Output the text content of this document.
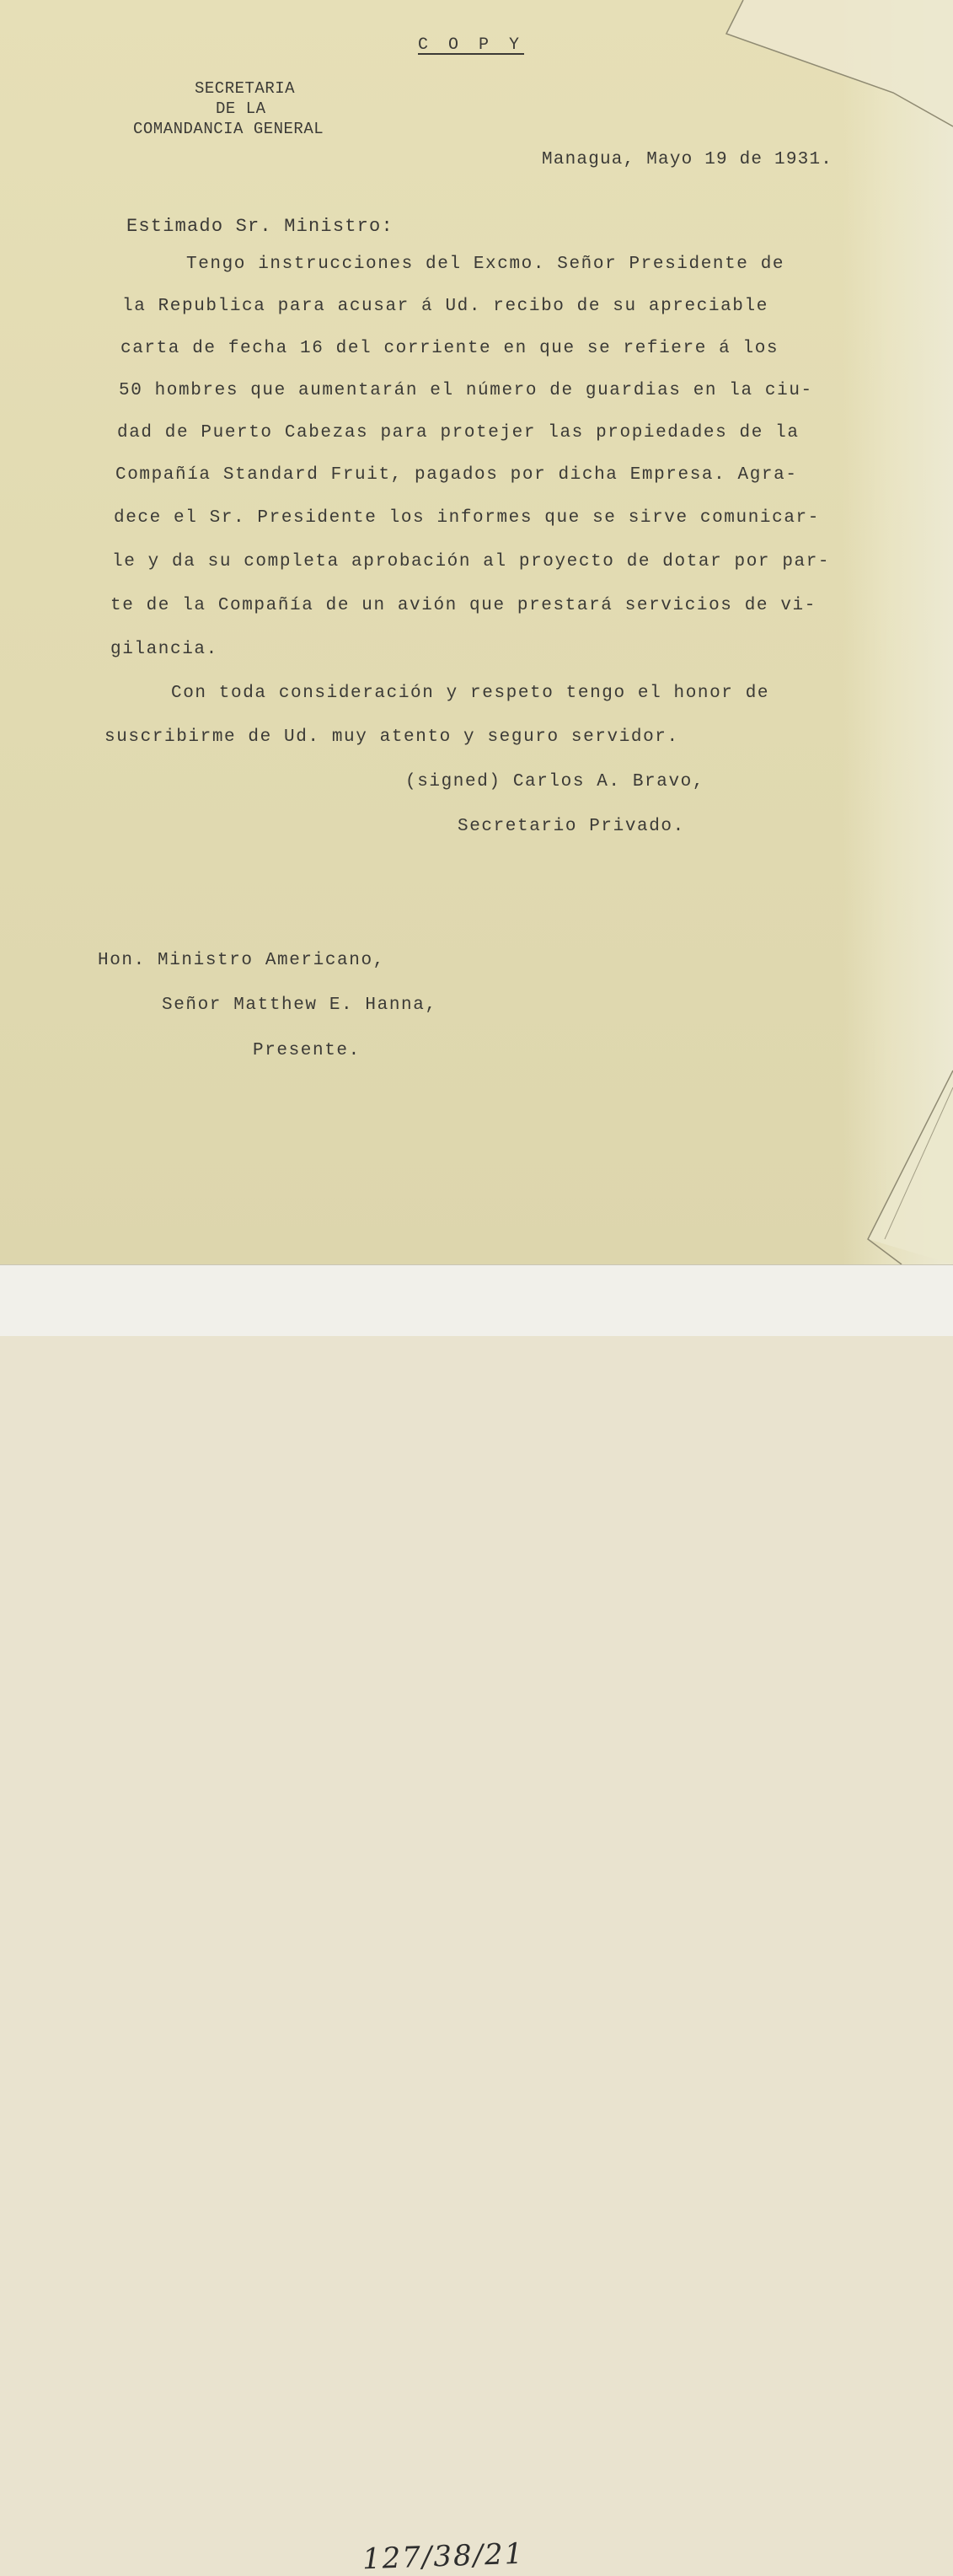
C O P Y

SECRETARIA

DE LA

COMANDANCIA GENERAL

Managua, Mayo 19 de 1931.

Estimado Sr. Ministro:

Tengo instrucciones del Excmo. Señor Presidente de

la Republica para acusar á Ud. recibo de su apreciable

carta de fecha 16 del corriente en que se refiere á los

50 hombres que aumentarán el número de guardias en la ciu-

dad de Puerto Cabezas para protejer las propiedades de la

Compañía Standard Fruit, pagados por dicha Empresa. Agra-

dece el Sr. Presidente los informes que se sirve comunicar-

le y da su completa aprobación al proyecto de dotar por par-

te de la Compañía de un avión que prestará servicios de vi-

gilancia.

Con toda consideración y respeto tengo el honor de

suscribirme de Ud. muy atento y seguro servidor.

(signed) Carlos A. Bravo,

Secretario Privado.

Hon. Ministro Americano,

Señor Matthew E. Hanna,

Presente.

127/38/21
